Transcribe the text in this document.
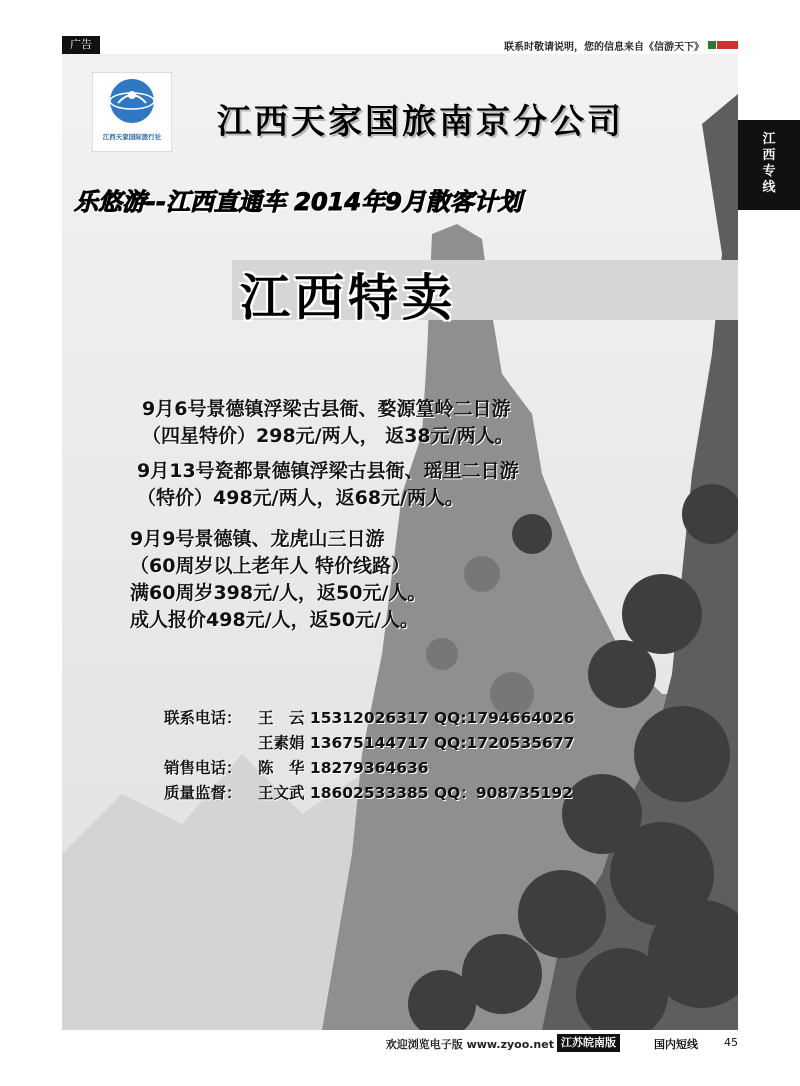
广告	联系时敬请说明，您的信息来自《信游天下》
江西天家国际旅行社 江西天家国旅南京分公司
乐悠游--江西直通车 2014年9月散客计划
江西特卖
9月6号景德镇浮梁古县衙、婺源篁岭二日游
（四星特价）298元/两人， 返38元/两人。
9月13号瓷都景德镇浮梁古县衙、瑶里二日游
（特价）498元/两人，返68元/两人。
9月9号景德镇、龙虎山三日游
（60周岁以上老年人 特价线路）
满60周岁398元/人，返50元/人。
成人报价498元/人，返50元/人。
联系电话： 王　云 15312026317 QQ:1794664026
王素娟 13675144717 QQ:1720535677
销售电话： 陈　华 18279364636
质量监督： 王文武 18602533385 QQ：908735192
江西专线
欢迎浏览电子版 www.zyoo.net 江苏皖南版	国内短线 45
